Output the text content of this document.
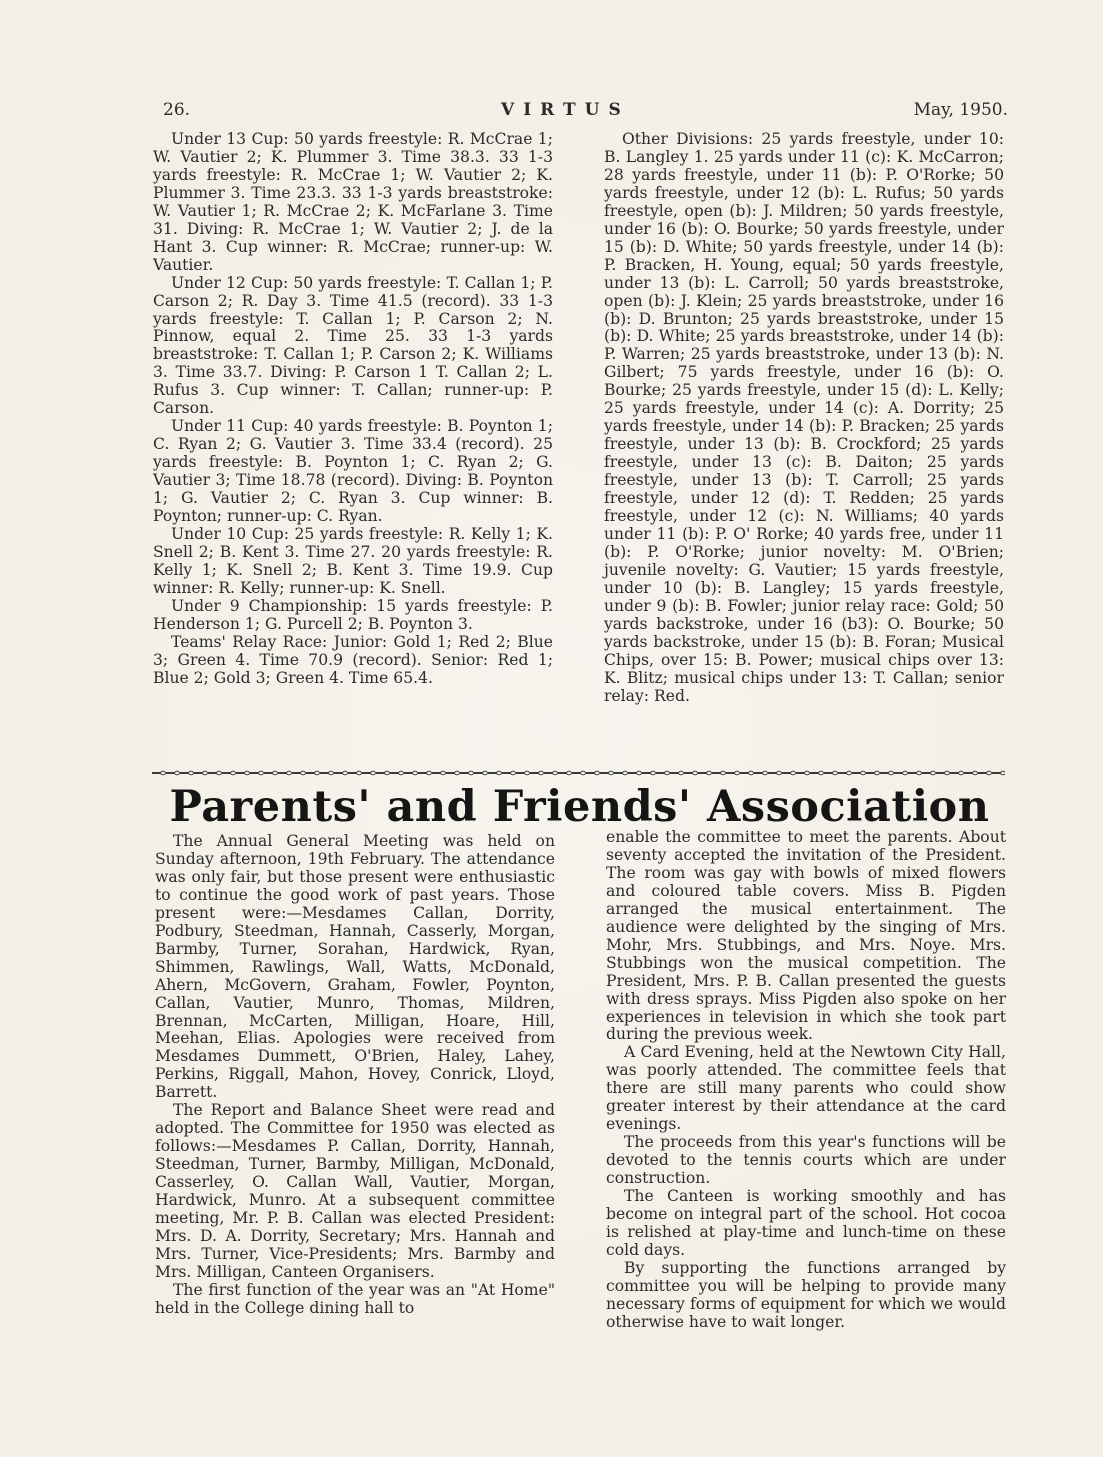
26.	VIRTUS	May, 1950.

Under 13 Cup: 50 yards freestyle: R. McCrae 1; W. Vautier 2; K. Plummer 3. Time 38.3. 33 1-3 yards freestyle: R. McCrae 1; W. Vautier 2; K. Plummer 3. Time 23.3. 33 1-3 yards breaststroke: W. Vautier 1; R. McCrae 2; K. McFarlane 3. Time 31. Diving: R. McCrae 1; W. Vautier 2; J. de la Hant 3. Cup winner: R. McCrae; runner-up: W. Vautier.

Under 12 Cup: 50 yards freestyle: T. Callan 1; P. Carson 2; R. Day 3. Time 41.5 (record). 33 1-3 yards freestyle: T. Callan 1; P. Carson 2; N. Pinnow, equal 2. Time 25. 33 1-3 yards breaststroke: T. Callan 1; P. Carson 2; K. Williams 3. Time 33.7. Diving: P. Carson 1 T. Callan 2; L. Rufus 3. Cup winner: T. Callan; runner-up: P. Carson.

Under 11 Cup: 40 yards freestyle: B. Poynton 1; C. Ryan 2; G. Vautier 3. Time 33.4 (record). 25 yards freestyle: B. Poynton 1; C. Ryan 2; G. Vautier 3; Time 18.78 (record). Diving: B. Poynton 1; G. Vautier 2; C. Ryan 3. Cup winner: B. Poynton; runner-up: C. Ryan.

Under 10 Cup: 25 yards freestyle: R. Kelly 1; K. Snell 2; B. Kent 3. Time 27. 20 yards freestyle: R. Kelly 1; K. Snell 2; B. Kent 3. Time 19.9. Cup winner: R. Kelly; runner-up: K. Snell.

Under 9 Championship: 15 yards freestyle: P. Henderson 1; G. Purcell 2; B. Poynton 3.

Teams' Relay Race: Junior: Gold 1; Red 2; Blue 3; Green 4. Time 70.9 (record). Senior: Red 1; Blue 2; Gold 3; Green 4. Time 65.4.

Other Divisions: 25 yards freestyle, under 10: B. Langley 1. 25 yards under 11 (c): K. McCarron; 28 yards freestyle, under 11 (b): P. O'Rorke; 50 yards freestyle, under 12 (b): L. Rufus; 50 yards freestyle, open (b): J. Mildren; 50 yards freestyle, under 16 (b): O. Bourke; 50 yards freestyle, under 15 (b): D. White; 50 yards freestyle, under 14 (b): P. Bracken, H. Young, equal; 50 yards freestyle, under 13 (b): L. Carroll; 50 yards breaststroke, open (b): J. Klein; 25 yards breaststroke, under 16 (b): D. Brunton; 25 yards breaststroke, under 15 (b): D. White; 25 yards breaststroke, under 14 (b): P. Warren; 25 yards breaststroke, under 13 (b): N. Gilbert; 75 yards freestyle, under 16 (b): O. Bourke; 25 yards freestyle, under 15 (d): L. Kelly; 25 yards freestyle, under 14 (c): A. Dorrity; 25 yards freestyle, under 14 (b): P. Bracken; 25 yards freestyle, under 13 (b): B. Crockford; 25 yards freestyle, under 13 (c): B. Daiton; 25 yards freestyle, under 13 (b): T. Carroll; 25 yards freestyle, under 12 (d): T. Redden; 25 yards freestyle, under 12 (c): N. Williams; 40 yards under 11 (b): P. O' Rorke; 40 yards free, under 11 (b): P. O'Rorke; junior novelty: M. O'Brien; juvenile novelty: G. Vautier; 15 yards freestyle, under 10 (b): B. Langley; 15 yards freestyle, under 9 (b): B. Fowler; junior relay race: Gold; 50 yards backstroke, under 16 (b3): O. Bourke; 50 yards backstroke, under 15 (b): B. Foran; Musical Chips, over 15: B. Power; musical chips over 13: K. Blitz; musical chips under 13: T. Callan; senior relay: Red.

Parents' and Friends' Association

The Annual General Meeting was held on Sunday afternoon, 19th February. The attendance was only fair, but those present were enthusiastic to continue the good work of past years. Those present were:—Mesdames Callan, Dorrity, Podbury, Steedman, Hannah, Casserly, Morgan, Barmby, Turner, Sorahan, Hardwick, Ryan, Shimmen, Rawlings, Wall, Watts, McDonald, Ahern, McGovern, Graham, Fowler, Poynton, Callan, Vautier, Munro, Thomas, Mildren, Brennan, McCarten, Milligan, Hoare, Hill, Meehan, Elias. Apologies were received from Mesdames Dummett, O'Brien, Haley, Lahey, Perkins, Riggall, Mahon, Hovey, Conrick, Lloyd, Barrett.

The Report and Balance Sheet were read and adopted. The Committee for 1950 was elected as follows:—Mesdames P. Callan, Dorrity, Hannah, Steedman, Turner, Barmby, Milligan, McDonald, Casserley, O. Callan Wall, Vautier, Morgan, Hardwick, Munro. At a subsequent committee meeting, Mr. P. B. Callan was elected President: Mrs. D. A. Dorrity, Secretary; Mrs. Hannah and Mrs. Turner, Vice-Presidents; Mrs. Barmby and Mrs. Milligan, Canteen Organisers.

The first function of the year was an "At Home" held in the College dining hall to

enable the committee to meet the parents. About seventy accepted the invitation of the President. The room was gay with bowls of mixed flowers and coloured table covers. Miss B. Pigden arranged the musical entertainment. The audience were delighted by the singing of Mrs. Mohr, Mrs. Stubbings, and Mrs. Noye. Mrs. Stubbings won the musical competition. The President, Mrs. P. B. Callan presented the guests with dress sprays. Miss Pigden also spoke on her experiences in television in which she took part during the previous week.

A Card Evening, held at the Newtown City Hall, was poorly attended. The committee feels that there are still many parents who could show greater interest by their attendance at the card evenings.

The proceeds from this year's functions will be devoted to the tennis courts which are under construction.

The Canteen is working smoothly and has become on integral part of the school. Hot cocoa is relished at play-time and lunch-time on these cold days.

By supporting the functions arranged by committee you will be helping to provide many necessary forms of equipment for which we would otherwise have to wait longer.
